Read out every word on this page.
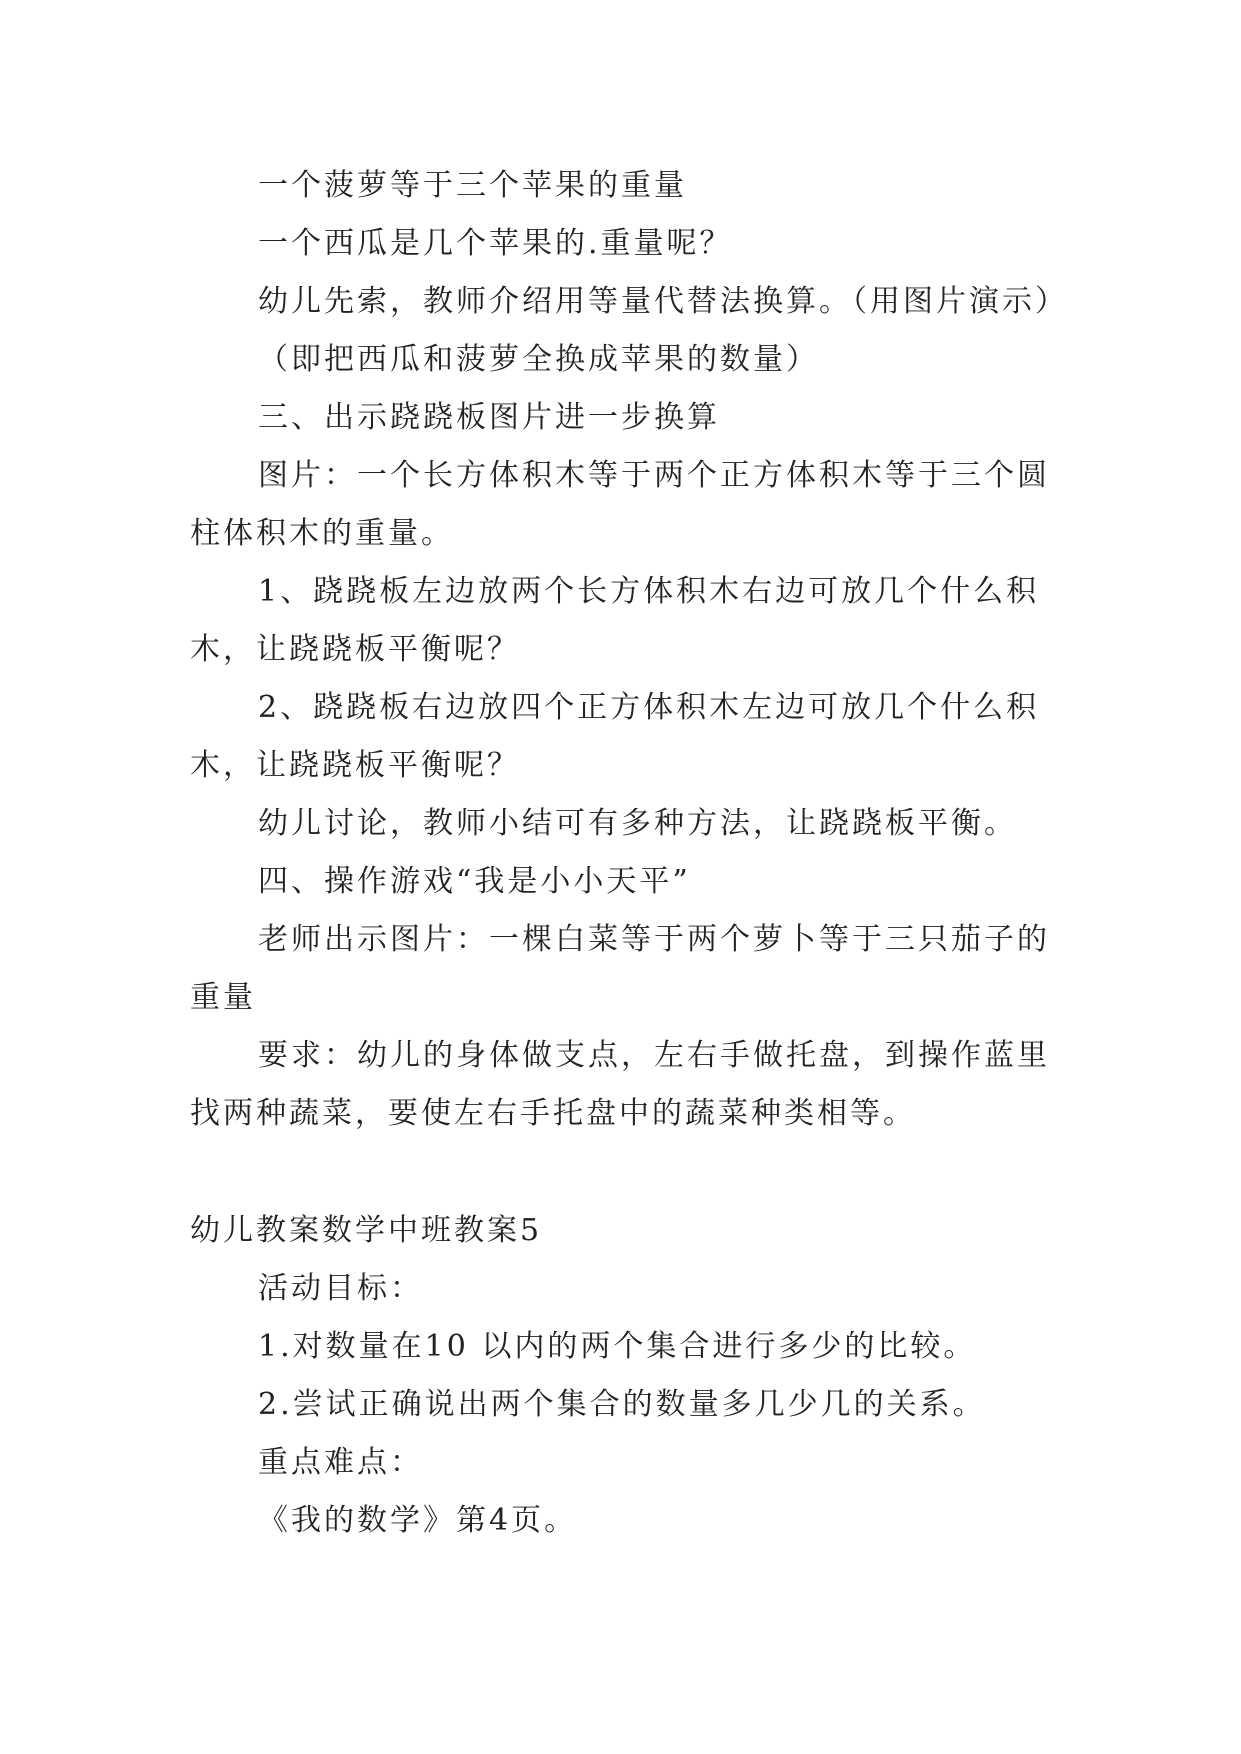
一个菠萝等于三个苹果的重量
一个西瓜是几个苹果的.重量呢？
幼儿先索，教师介绍用等量代替法换算。（用图片演示）
（即把西瓜和菠萝全换成苹果的数量）
三、出示跷跷板图片进一步换算
图片：一个长方体积木等于两个正方体积木等于三个圆
柱体积木的重量。
1、跷跷板左边放两个长方体积木右边可放几个什么积
木，让跷跷板平衡呢？
2、跷跷板右边放四个正方体积木左边可放几个什么积
木，让跷跷板平衡呢？
幼儿讨论，教师小结可有多种方法，让跷跷板平衡。
四、操作游戏“我是小小天平”
老师出示图片：一棵白菜等于两个萝卜等于三只茄子的
重量
要求：幼儿的身体做支点，左右手做托盘，到操作蓝里
找两种蔬菜，要使左右手托盘中的蔬菜种类相等。
幼儿教案数学中班教案5
活动目标：
1.对数量在10 以内的两个集合进行多少的比较。
2.尝试正确说出两个集合的数量多几少几的关系。
重点难点：
《我的数学》第4页。
